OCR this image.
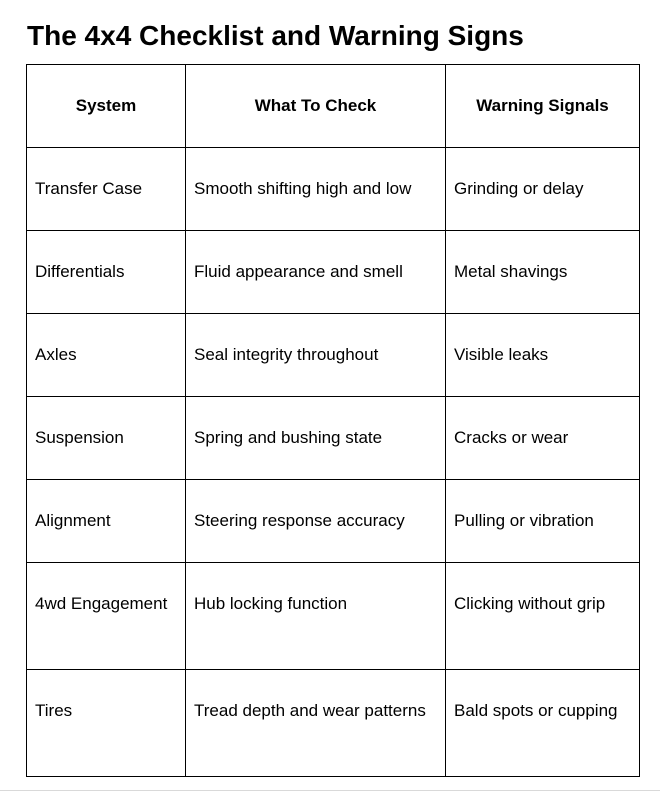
The 4x4 Checklist and Warning Signs
System	What To Check	Warning Signals
Transfer Case	Smooth shifting high and low	Grinding or delay
Differentials	Fluid appearance and smell	Metal shavings
Axles	Seal integrity throughout	Visible leaks
Suspension	Spring and bushing state	Cracks or wear
Alignment	Steering response accuracy	Pulling or vibration
4wd Engagement	Hub locking function	Clicking without grip
Tires	Tread depth and wear patterns	Bald spots or cupping
